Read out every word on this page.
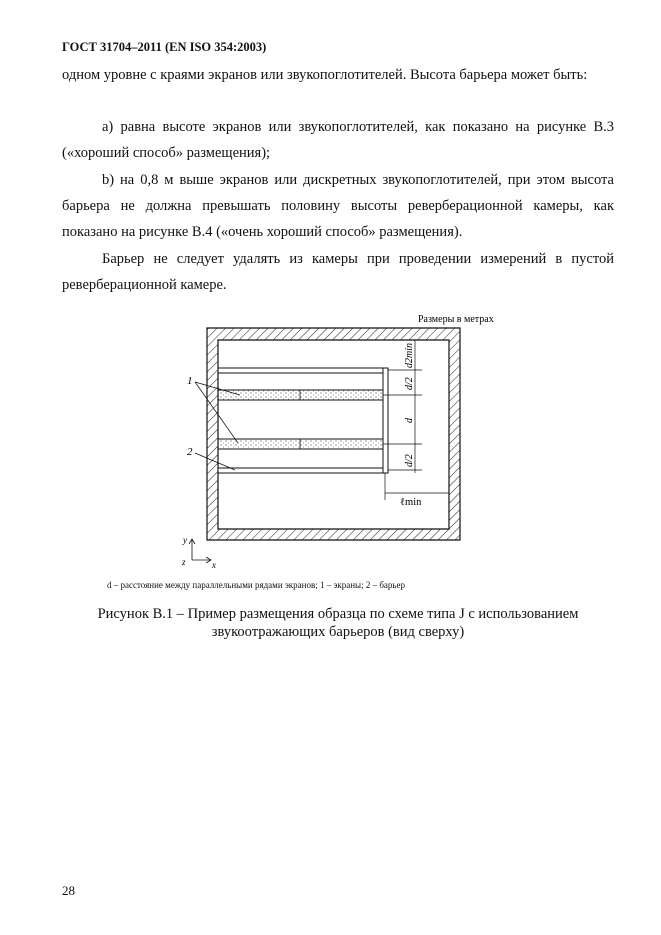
ГОСТ 31704–2011 (EN ISO 354:2003)
одном уровне с краями экранов или звукопоглотителей. Высота барьера может быть:
а) равна высоте экранов или звукопоглотителей, как показано на рисунке В.3 («хороший способ» размещения);
b) на 0,8 м выше экранов или дискретных звукопоглотителей, при этом высота барьера не должна превышать половину высоты реверберационной камеры, как показано на рисунке В.4 («очень хороший способ» размещения).
Барьер не следует удалять из камеры при проведении измерений в пустой реверберационной камере.
1
2
d2min
d/2
d
d/2
ℓmin
Размеры в метрах
y
x
z
d – расстояние между параллельными рядами экранов; 1 – экраны; 2 – барьер
Рисунок В.1 – Пример размещения образца по схеме типа J с использованием
звукоотражающих барьеров (вид сверху)
28
